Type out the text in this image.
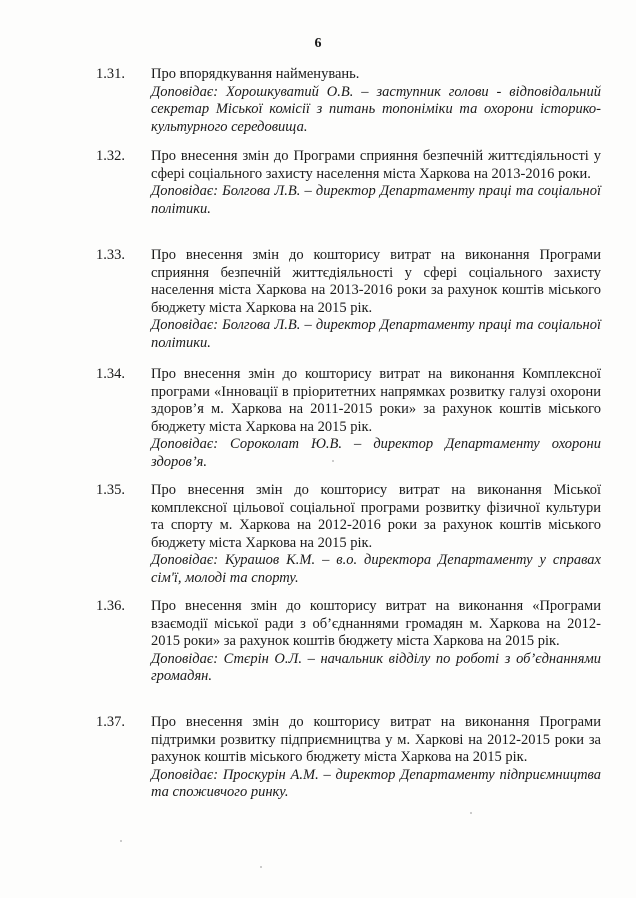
6
1.31. Про впорядкування найменувань.

Доповідає: Хорошкуватий О.В. – заступник голови - відповідальний секретар Міської комісії з питань топоніміки та охорони історико-культурного середовища.

1.32. Про внесення змін до Програми сприяння безпечній життєдіяльності у сфері соціального захисту населення міста Харкова на 2013-2016 роки.

Доповідає: Болгова Л.В. – директор Департаменту праці та соціальної політики.

1.33. Про внесення змін до кошторису витрат на виконання Програми сприяння безпечній життєдіяльності у сфері соціального захисту населення міста Харкова на 2013-2016 роки за рахунок коштів міського бюджету міста Харкова на 2015 рік.

Доповідає: Болгова Л.В. – директор Департаменту праці та соціальної політики.

1.34. Про внесення змін до кошторису витрат на виконання Комплексної програми «Інновації в пріоритетних напрямках розвитку галузі охорони здоров’я м. Харкова на 2011-2015 роки» за рахунок коштів міського бюджету міста Харкова на 2015 рік.

Доповідає: Сороколат Ю.В. – директор Департаменту охорони здоров’я.

1.35. Про внесення змін до кошторису витрат на виконання Міської комплексної цільової соціальної програми розвитку фізичної культури та спорту м. Харкова на 2012-2016 роки за рахунок коштів міського бюджету міста Харкова на 2015 рік.

Доповідає: Курашов К.М. – в.о. директора Департаменту у справах сім'ї, молоді та спорту.

1.36. Про внесення змін до кошторису витрат на виконання «Програми взаємодії міської ради з об’єднаннями громадян м. Харкова на 2012-2015 роки» за рахунок коштів бюджету міста Харкова на 2015 рік.

Доповідає: Стєрін О.Л. – начальник відділу по роботі з об’єднаннями громадян.

1.37. Про внесення змін до кошторису витрат на виконання Програми підтримки розвитку підприємництва у м. Харкові на 2012-2015 роки за рахунок коштів міського бюджету міста Харкова на 2015 рік.

Доповідає: Проскурін А.М. – директор Департаменту підприємництва та споживчого ринку.
